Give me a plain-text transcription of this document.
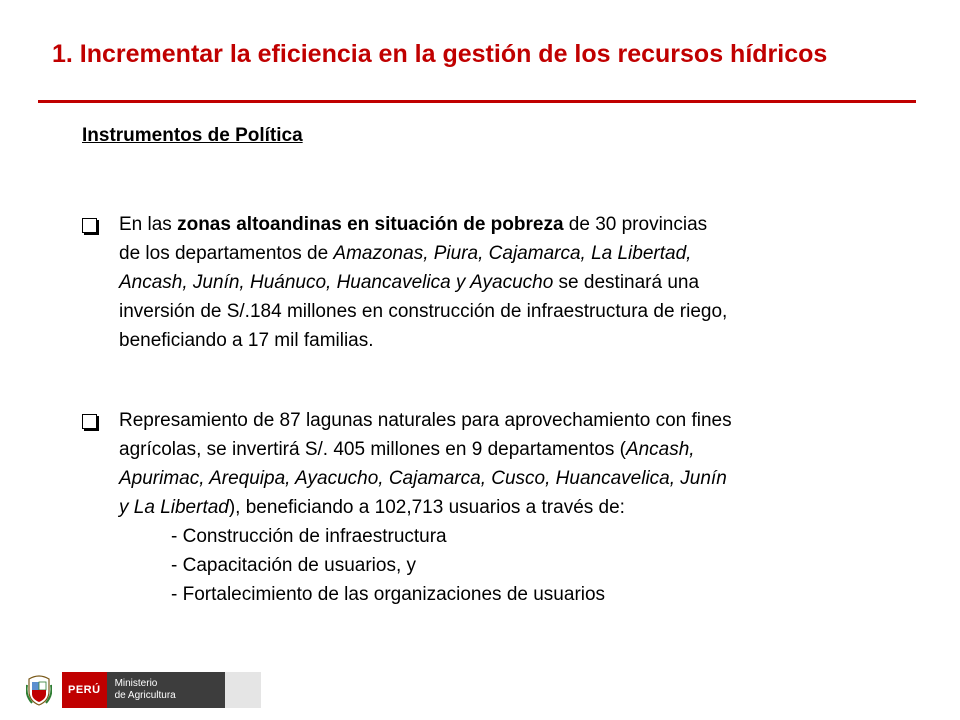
1. Incrementar la eficiencia en la gestión de los recursos hídricos
Instrumentos de Política
En las zonas altoandinas en situación de pobreza de 30 provincias
de los departamentos de Amazonas, Piura, Cajamarca, La Libertad,
Ancash, Junín, Huánuco, Huancavelica y Ayacucho se destinará una
inversión de S/.184 millones en construcción de infraestructura de riego,
beneficiando a 17 mil familias.
Represamiento de 87 lagunas naturales para aprovechamiento con fines
agrícolas, se invertirá S/. 405 millones en 9 departamentos (Ancash,
Apurimac, Arequipa, Ayacucho, Cajamarca, Cusco, Huancavelica, Junín
y La Libertad), beneficiando a 102,713 usuarios a través de:
- Construcción de infraestructura
- Capacitación de usuarios, y
- Fortalecimiento de las organizaciones de usuarios
PERÚ
Ministerio
de Agricultura
